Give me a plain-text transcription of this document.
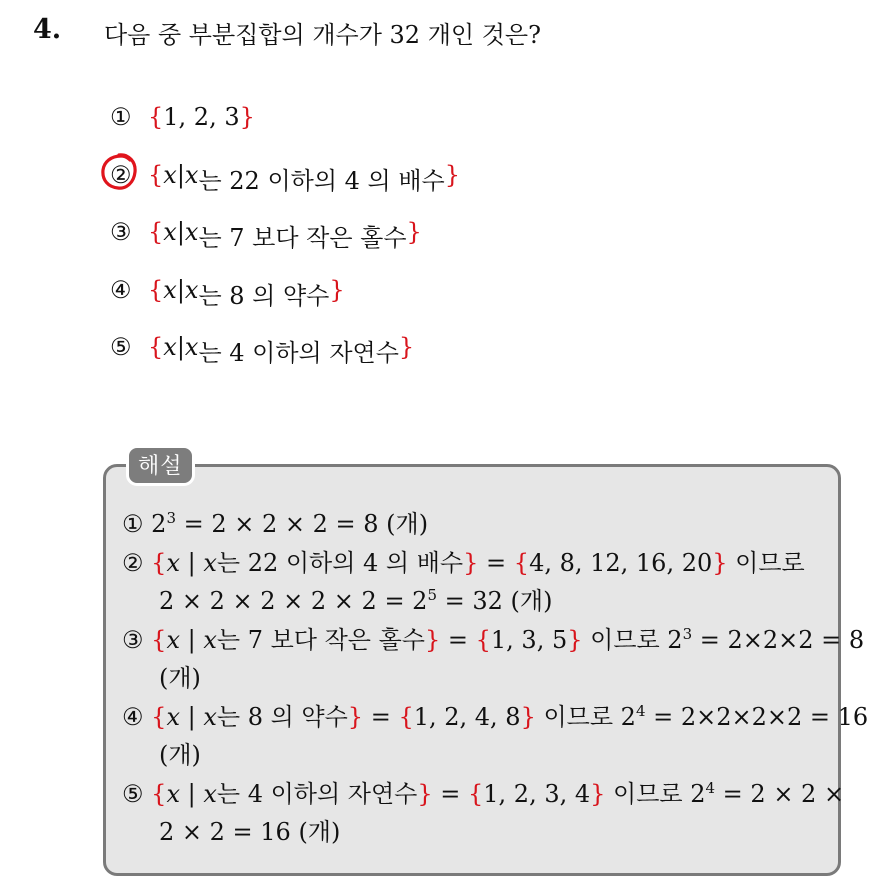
4. 다음 중 부분집합의 개수가 32 개인 것은?
① { 1, 2, 3 }
② { x | x 는 22 이하의 4 의 배수 }
③ { x | x 는 7 보다 작은 홀수 }
④ { x | x 는 8 의 약수 }
⑤ { x | x 는 4 이하의 자연수 }
해설
① $2^3 = 2 \times 2 \times 2 = 8$ (개)
② {x | x는 22 이하의 4 의 배수} = {4, 8, 12, 16, 20} 이므로
$2 \times 2 \times 2 \times 2 \times 2 = 2^5 = 32$ (개)
③ {x | x는 7 보다 작은 홀수} = {1, 3, 5} 이므로 $2^3 = 2\times 2\times 2 = 8$
(개)
④ {x | x는 8 의 약수} = {1, 2, 4, 8} 이므로 $2^4 = 2\times 2\times 2\times 2 = 16$
(개)
⑤ {x | x는 4 이하의 자연수} = {1, 2, 3, 4} 이므로 $2^4 = 2 \times 2$ ×
2 × 2 = 16 (개)
